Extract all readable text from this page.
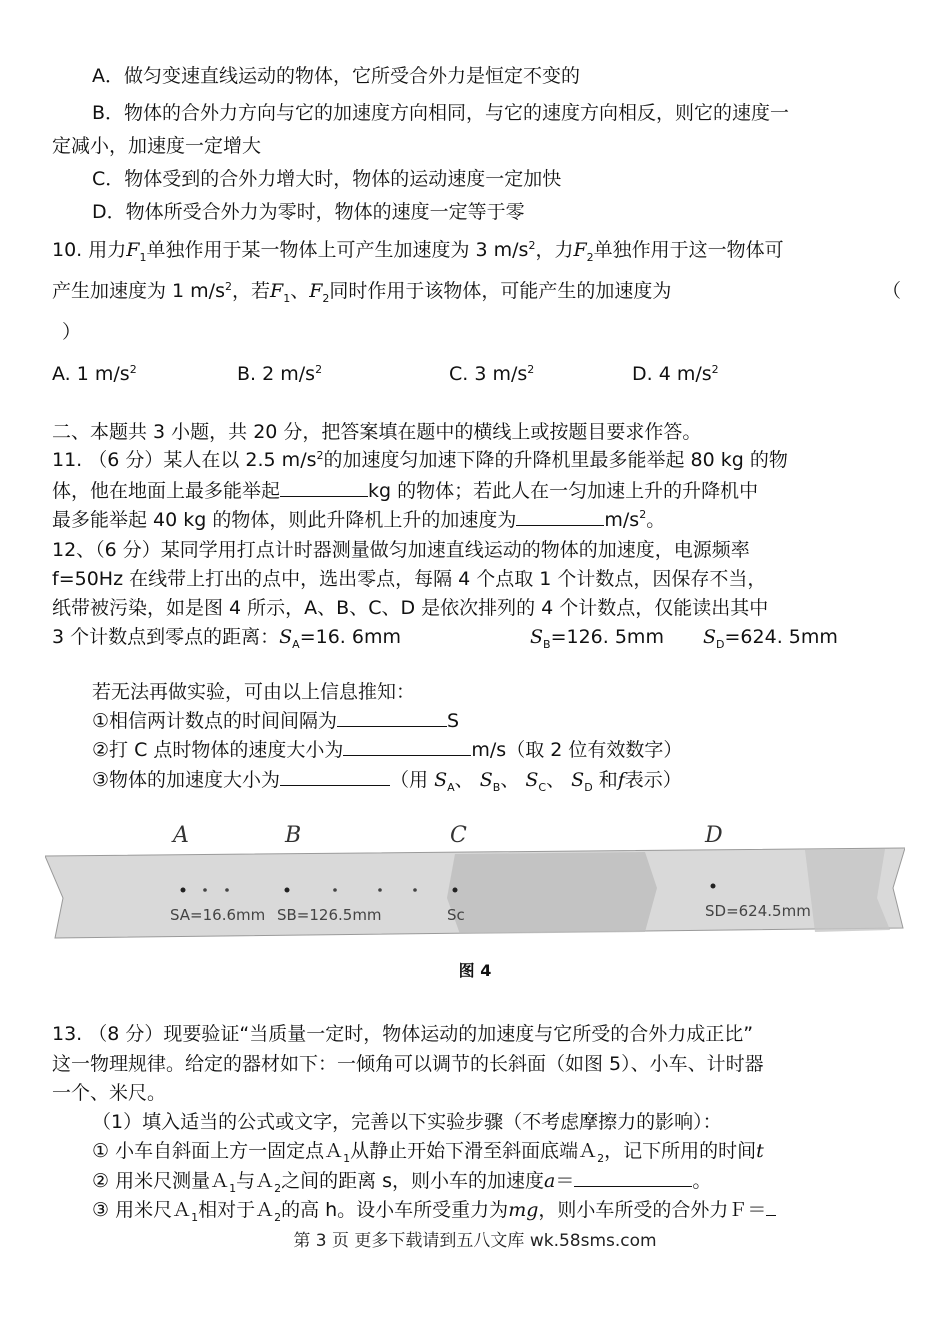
A．做匀变速直线运动的物体，它所受合外力是恒定不变的
B．物体的合外力方向与它的加速度方向相同，与它的速度方向相反，则它的速度一
定减小，加速度一定增大
C．物体受到的合外力增大时，物体的运动速度一定加快
D．物体所受合外力为零时，物体的速度一定等于零
10. 用力$F_1$单独作用于某一物体上可产生加速度为 3 $m/s^2$，力$F_2$单独作用于这一物体可
产生加速度为 1 $m/s^2$，若$F_1$、$F_2$同时作用于该物体，可能产生的加速度为	（
）
A. 1 $m/s^2$	B. 2 $m/s^2$	C. 3 $m/s^2$	D. 4 $m/s^2$
二、本题共 3 小题，共 20 分，把答案填在题中的横线上或按题目要求作答。
11. （6 分）某人在以 2.5 $m/s^2$的加速度匀加速下降的升降机里最多能举起 80 kg 的物
体，他在地面上最多能举起	kg 的物体；若此人在一匀加速上升的升降机中
最多能举起 40 kg 的物体，则此升降机上升的加速度为	$m/s^2$。
12、（6 分）某同学用打点计时器测量做匀加速直线运动的物体的加速度，电源频率
f=50Hz 在线带上打出的点中，选出零点，每隔 4 个点取 1 个计数点，因保存不当，
纸带被污染，如是图 4 所示，A、B、C、D 是依次排列的 4 个计数点，仅能读出其中
3 个计数点到零点的距离：$S_A=16$. 6mm	$S_B=126$. 5mm $S_D=624$. 5mm
若无法再做实验，可由以上信息推知：
①相信两计数点的时间间隔为	S
②打 C 点时物体的速度大小为	m/s（取 2 位有效数字）
③物体的加速度大小为	（用 $S_A$、 $S_B$、 $S_C$、 $S_D$ 和f表示）
A	B	C	D
SA=16.6mm SB=126.5mm	Sc	SD=624.5mm
图 4
13. （8 分）现要验证“当质量一定时，物体运动的加速度与它所受的合外力成正比”
这一物理规律。给定的器材如下：一倾角可以调节的长斜面（如图 5）、小车、计时器
一个、米尺。
（1）填入适当的公式或文字，完善以下实验步骤（不考虑摩擦力的影响）：
① 小车自斜面上方一固定点Ａ$_1$从静止开始下滑至斜面底端Ａ$_2$，记下所用的时间t
② 用米尺测量Ａ$_1$与Ａ$_2$之间的距离 s，则小车的加速度a＝	。
③ 用米尺Ａ$_1$相对于Ａ$_2$的高 h。设小车所受重力为mg，则小车所受的合外力Ｆ＝
第 3 页 更多下载请到五八文库 wk.58sms.com
